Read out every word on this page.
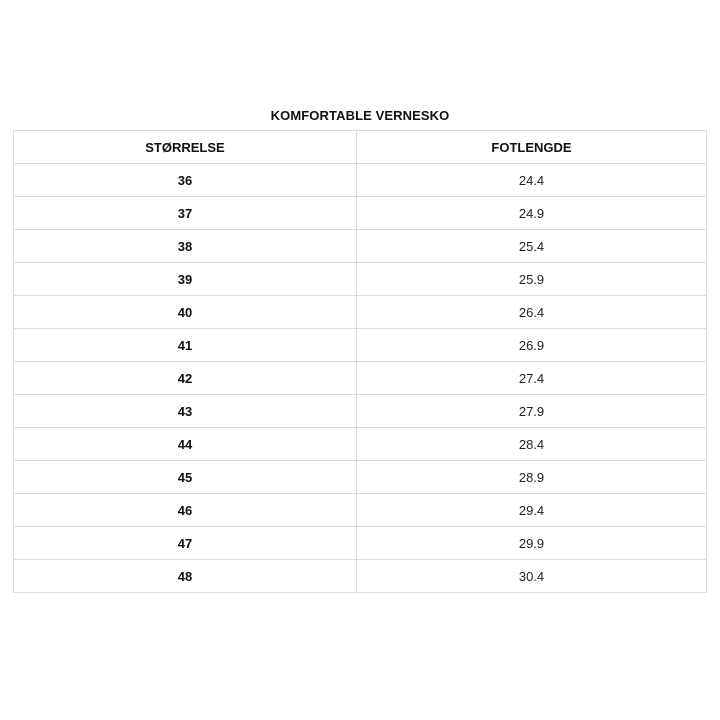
KOMFORTABLE VERNESKO
STØRRELSE	FOTLENGDE
36	24.4
37	24.9
38	25.4
39	25.9
40	26.4
41	26.9
42	27.4
43	27.9
44	28.4
45	28.9
46	29.4
47	29.9
48	30.4
